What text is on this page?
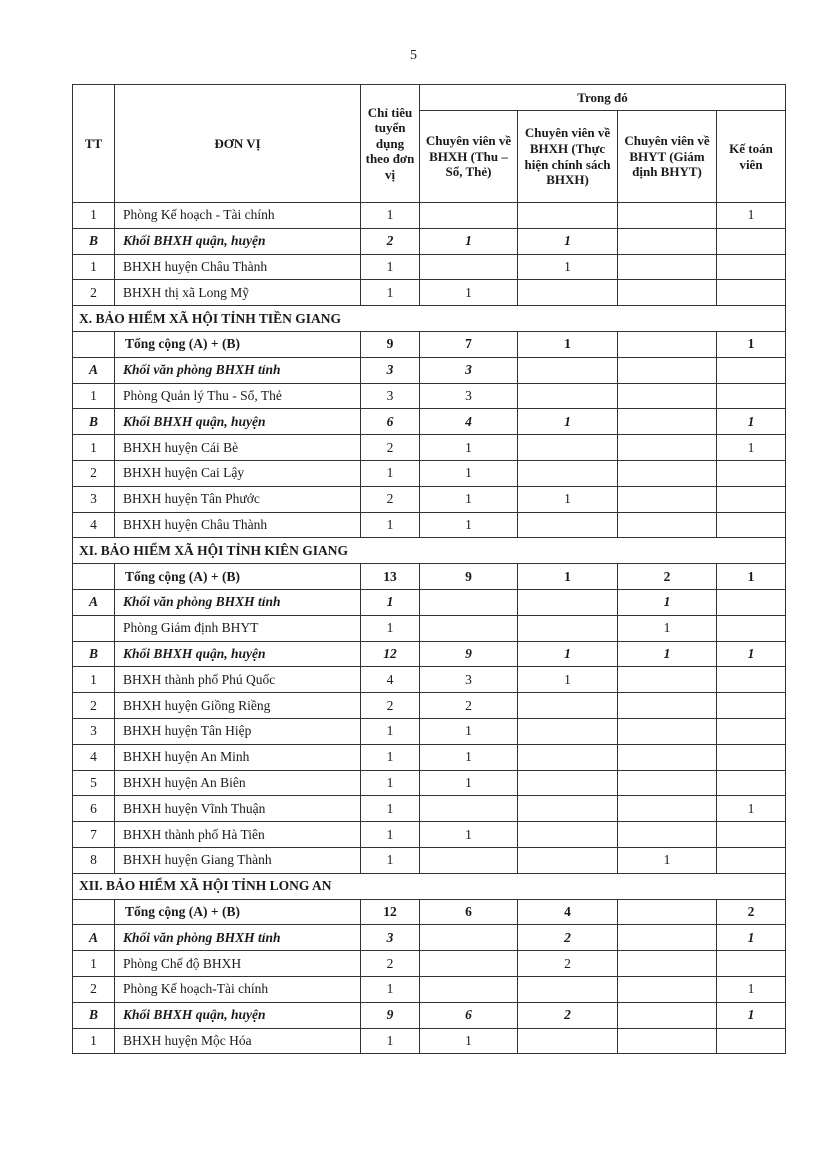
5
TT	ĐƠN VỊ	Chỉ tiêu tuyển dụng theo đơn vị	Trong đó			
			Chuyên viên về BHXH (Thu – Sổ, Thẻ)	Chuyên viên về BHXH (Thực hiện chính sách BHXH)	Chuyên viên về BHYT (Giám định BHYT)	Kế toán viên
1	Phòng Kế hoạch - Tài chính	1				1
B	Khối BHXH quận, huyện	2	1	1		
1	BHXH huyện Châu Thành	1		1		
2	BHXH thị xã Long Mỹ	1	1			
X. BẢO HIỂM XÃ HỘI TỈNH TIỀN GIANG						
	Tổng cộng (A) + (B)	9	7	1		1
A	Khối văn phòng BHXH tỉnh	3	3			
1	Phòng Quản lý Thu - Sổ, Thẻ	3	3			
B	Khối BHXH quận, huyện	6	4	1		1
1	BHXH huyện Cái Bè	2	1			1
2	BHXH huyện Cai Lậy	1	1			
3	BHXH huyện Tân Phước	2	1	1		
4	BHXH huyện Châu Thành	1	1			
XI. BẢO HIỂM XÃ HỘI TỈNH KIÊN GIANG						
	Tổng cộng (A) + (B)	13	9	1	2	1
A	Khối văn phòng BHXH tỉnh	1			1	
	Phòng Giám định BHYT	1			1	
B	Khối BHXH quận, huyện	12	9	1	1	1
1	BHXH thành phố Phú Quốc	4	3	1		
2	BHXH huyện Giồng Riềng	2	2			
3	BHXH huyện Tân Hiệp	1	1			
4	BHXH huyện An Minh	1	1			
5	BHXH huyện An Biên	1	1			
6	BHXH huyện Vĩnh Thuận	1				1
7	BHXH thành phố Hà Tiên	1	1			
8	BHXH huyện Giang Thành	1			1	
XII. BẢO HIỂM XÃ HỘI TỈNH LONG AN						
	Tổng cộng (A) + (B)	12	6	4		2
A	Khối văn phòng BHXH tỉnh	3		2		1
1	Phòng Chế độ BHXH	2		2		
2	Phòng Kế hoạch-Tài chính	1				1
B	Khối BHXH quận, huyện	9	6	2		1
1	BHXH huyện Mộc Hóa	1	1			
